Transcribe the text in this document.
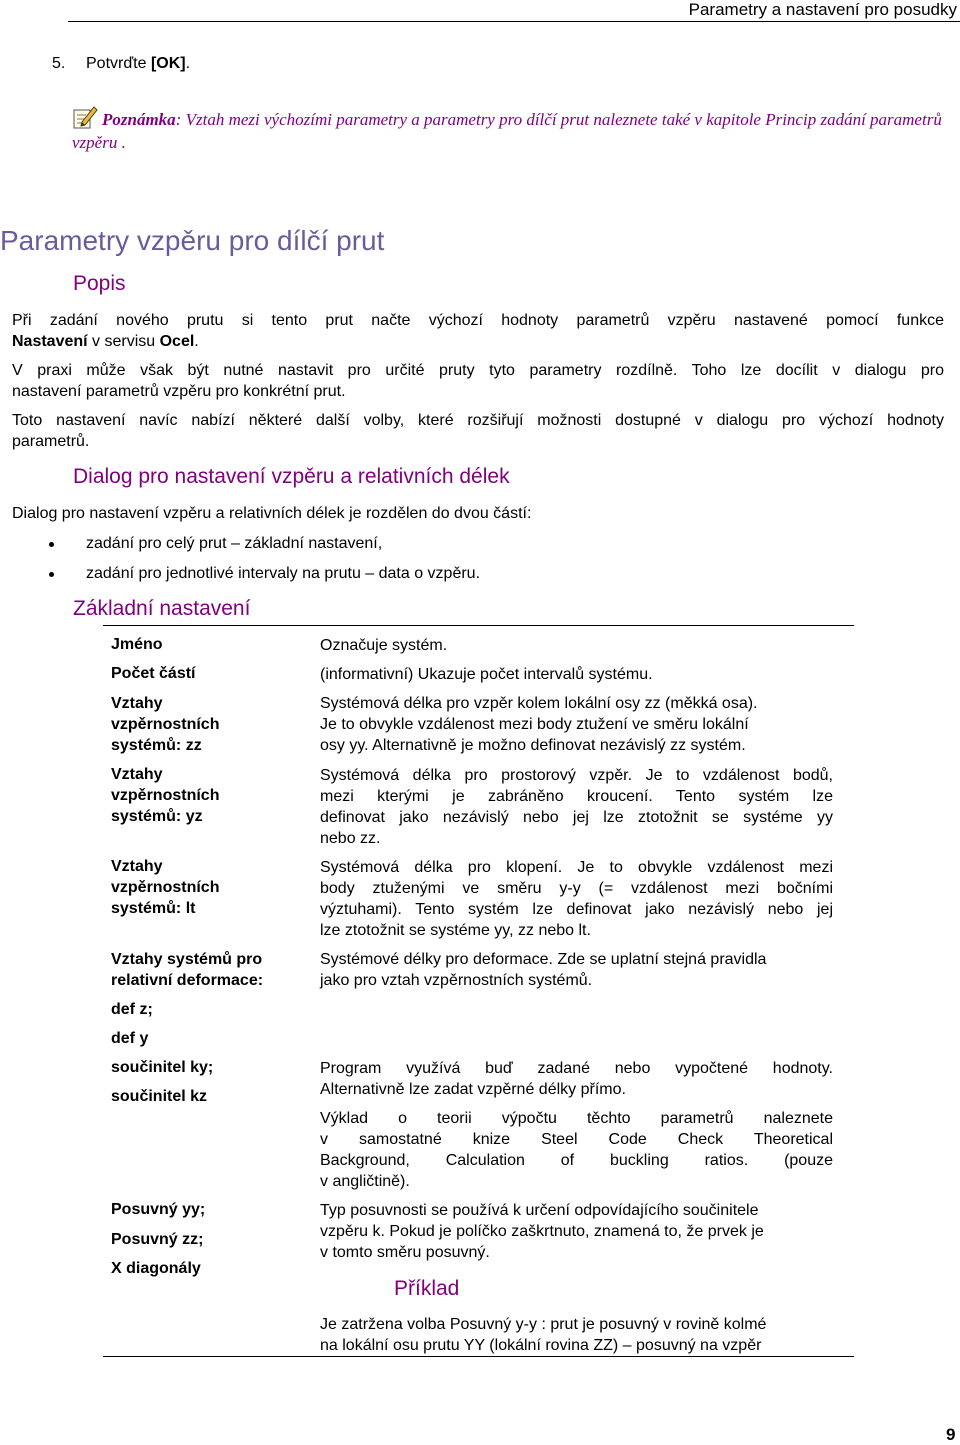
Parametry a nastavení pro posudky
5. Potvrďte [OK].
Poznámka: Vztah mezi výchozími parametry a parametry pro dílčí prut naleznete také v kapitole Princip zadání parametrů vzpěru .
Parametry vzpěru pro dílčí prut
Popis
Při zadání nového prutu si tento prut načte výchozí hodnoty parametrů vzpěru nastavené pomocí funkce
Nastavení v servisu Ocel.
V praxi může však být nutné nastavit pro určité pruty tyto parametry rozdílně. Toho lze docílit v dialogu pro
nastavení parametrů vzpěru pro konkrétní prut.
Toto nastavení navíc nabízí některé další volby, které rozšiřují možnosti dostupné v dialogu pro výchozí hodnoty
parametrů.
Dialog pro nastavení vzpěru a relativních délek
Dialog pro nastavení vzpěru a relativních délek je rozdělen do dvou částí:
zadání pro celý prut – základní nastavení,
zadání pro jednotlivé intervaly na prutu – data o vzpěru.
Základní nastavení
Jméno
Počet částí
Vztahy
vzpěrnostních
systémů: zz
Vztahy
vzpěrnostních
systémů: yz
Vztahy
vzpěrnostních
systémů: lt
Vztahy systémů pro
relativní deformace:
def z;
def y
součinitel ky;
součinitel kz
Posuvný yy;
Posuvný zz;
X diagonály
Označuje systém.
(informativní) Ukazuje počet intervalů systému.
Systémová délka pro vzpěr kolem lokální osy zz (měkká osa).
Je to obvykle vzdálenost mezi body ztužení ve směru lokální
osy yy. Alternativně je možno definovat nezávislý zz systém.
Systémová délka pro prostorový vzpěr. Je to vzdálenost bodů,
mezi kterými je zabráněno kroucení. Tento systém lze
definovat jako nezávislý nebo jej lze ztotožnit se systéme yy
nebo zz.
Systémová délka pro klopení. Je to obvykle vzdálenost mezi
body ztuženými ve směru y-y (= vzdálenost mezi bočními
výztuhami). Tento systém lze definovat jako nezávislý nebo jej
lze ztotožnit se systéme yy, zz nebo lt.
Systémové délky pro deformace. Zde se uplatní stejná pravidla
jako pro vztah vzpěrnostních systémů.
Program využívá buď zadané nebo vypočtené hodnoty.
Alternativně lze zadat vzpěrné délky přímo.
Výklad o teorii výpočtu těchto parametrů naleznete
v samostatné knize Steel Code Check Theoretical
Background, Calculation of buckling ratios. (pouze
v angličtině).
Typ posuvnosti se používá k určení odpovídajícího součinitele
vzpěru k. Pokud je políčko zaškrtnuto, znamená to, že prvek je
v tomto směru posuvný.
Příklad
Je zatržena volba Posuvný y-y : prut je posuvný v rovině kolmé
na lokální osu prutu YY (lokální rovina ZZ) – posuvný na vzpěr
9
